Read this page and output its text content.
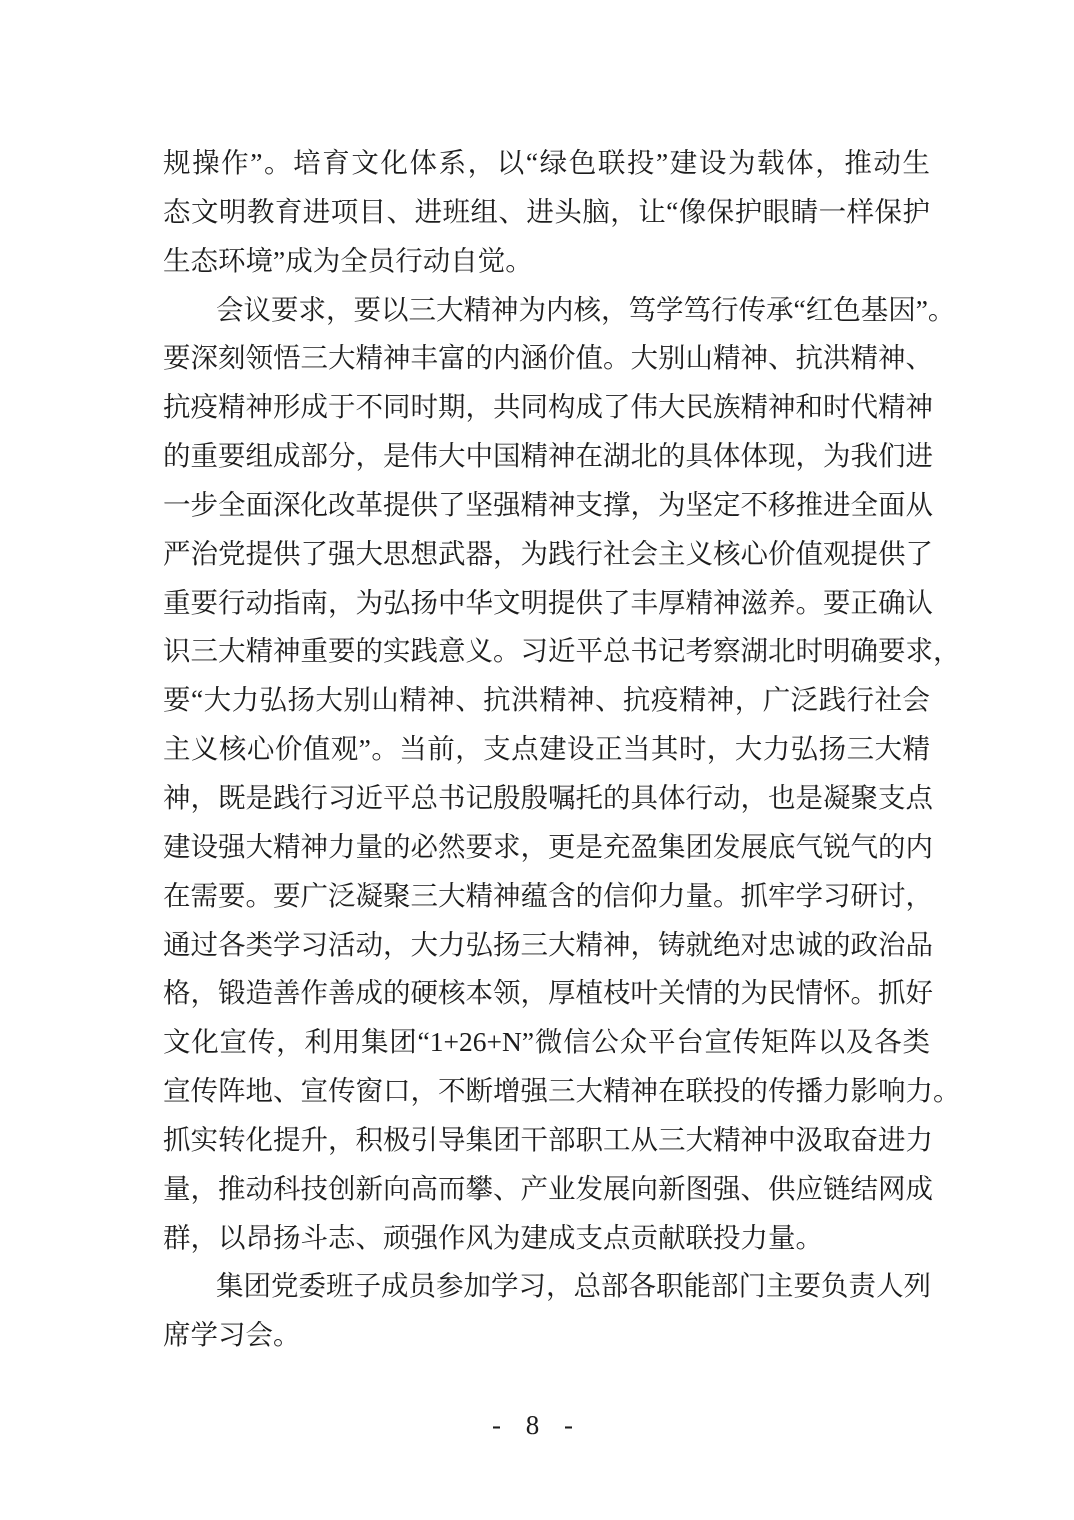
规操作”。培育文化体系，以“绿色联投”建设为载体，推动生
态文明教育进项目、进班组、进头脑，让“像保护眼睛一样保护
生态环境”成为全员行动自觉。
会议要求，要以三大精神为内核，笃学笃行传承“红色基因”。
要深刻领悟三大精神丰富的内涵价值。大别山精神、抗洪精神、
抗疫精神形成于不同时期，共同构成了伟大民族精神和时代精神
的重要组成部分，是伟大中国精神在湖北的具体体现，为我们进
一步全面深化改革提供了坚强精神支撑，为坚定不移推进全面从
严治党提供了强大思想武器，为践行社会主义核心价值观提供了
重要行动指南，为弘扬中华文明提供了丰厚精神滋养。要正确认
识三大精神重要的实践意义。习近平总书记考察湖北时明确要求，
要“大力弘扬大别山精神、抗洪精神、抗疫精神，广泛践行社会
主义核心价值观”。当前，支点建设正当其时，大力弘扬三大精
神，既是践行习近平总书记殷殷嘱托的具体行动，也是凝聚支点
建设强大精神力量的必然要求，更是充盈集团发展底气锐气的内
在需要。要广泛凝聚三大精神蕴含的信仰力量。抓牢学习研讨，
通过各类学习活动，大力弘扬三大精神，铸就绝对忠诚的政治品
格，锻造善作善成的硬核本领，厚植枝叶关情的为民情怀。抓好
文化宣传，利用集团“1+26+N”微信公众平台宣传矩阵以及各类
宣传阵地、宣传窗口，不断增强三大精神在联投的传播力影响力。
抓实转化提升，积极引导集团干部职工从三大精神中汲取奋进力
量，推动科技创新向高而攀、产业发展向新图强、供应链结网成
群，以昂扬斗志、顽强作风为建成支点贡献联投力量。
集团党委班子成员参加学习，总部各职能部门主要负责人列
席学习会。
- 8 -
